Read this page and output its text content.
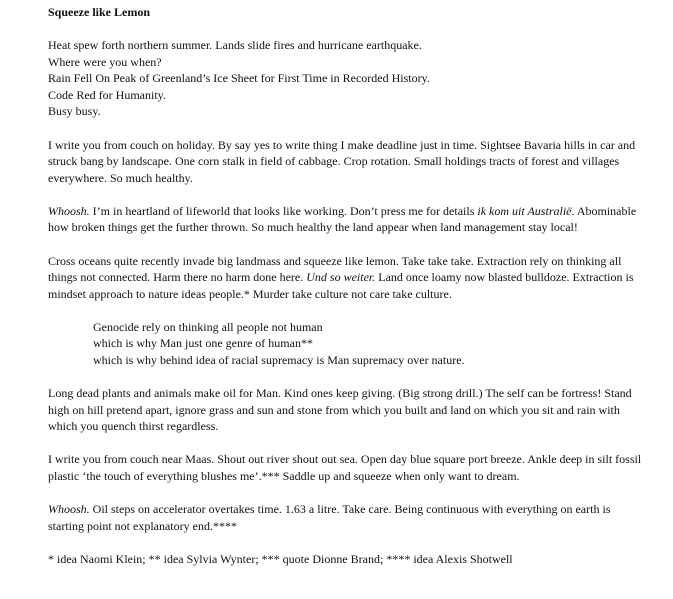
Squeeze like Lemon

Heat spew forth northern summer. Lands slide fires and hurricane earthquake.
Where were you when?
Rain Fell On Peak of Greenland’s Ice Sheet for First Time in Recorded History.
Code Red for Humanity.
Busy busy.

I write you from couch on holiday. By say yes to write thing I make deadline just in time. Sightsee Bavaria hills in car and struck bang by landscape. One corn stalk in field of cabbage. Crop rotation. Small holdings tracts of forest and villages everywhere. So much healthy.

Whoosh. I’m in heartland of lifeworld that looks like working. Don’t press me for details ik kom uit Australië. Abominable how broken things get the further thrown. So much healthy the land appear when land management stay local!

Cross oceans quite recently invade big landmass and squeeze like lemon. Take take take. Extraction rely on thinking all things not connected. Harm there no harm done here. Und so weiter. Land once loamy now blasted bulldoze. Extraction is mindset approach to nature ideas people.* Murder take culture not care take culture.

Genocide rely on thinking all people not human
which is why Man just one genre of human**
which is why behind idea of racial supremacy is Man supremacy over nature.

Long dead plants and animals make oil for Man. Kind ones keep giving. (Big strong drill.) The self can be fortress! Stand high on hill pretend apart, ignore grass and sun and stone from which you built and land on which you sit and rain with which you quench thirst regardless.

I write you from couch near Maas. Shout out river shout out sea. Open day blue square port breeze. Ankle deep in silt fossil plastic ‘the touch of everything blushes me’.*** Saddle up and squeeze when only want to dream.

Whoosh. Oil steps on accelerator overtakes time. 1.63 a litre. Take care. Being continuous with everything on earth is starting point not explanatory end.****

* idea Naomi Klein; ** idea Sylvia Wynter; *** quote Dionne Brand; **** idea Alexis Shotwell
